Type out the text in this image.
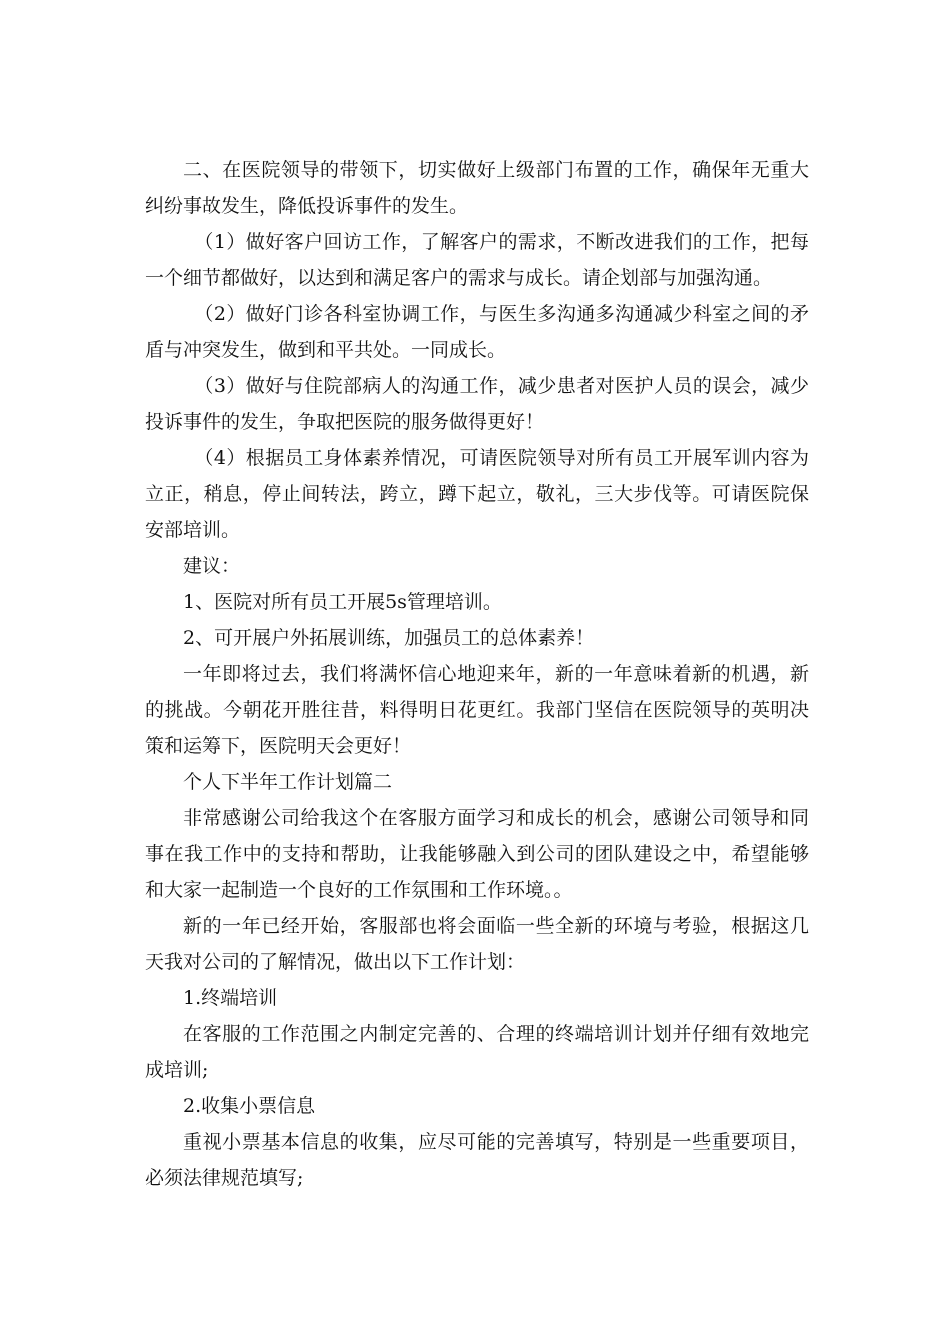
二、在医院领导的带领下，切实做好上级部门布置的工作，确保年无重大纠纷事故发生，降低投诉事件的发生。

（1）做好客户回访工作，了解客户的需求，不断改进我们的工作，把每一个细节都做好，以达到和满足客户的需求与成长。请企划部与加强沟通。

（2）做好门诊各科室协调工作，与医生多沟通多沟通减少科室之间的矛盾与冲突发生，做到和平共处。一同成长。

（3）做好与住院部病人的沟通工作，减少患者对医护人员的误会，减少投诉事件的发生，争取把医院的服务做得更好！

（4）根据员工身体素养情况，可请医院领导对所有员工开展军训内容为立正，稍息，停止间转法，跨立，蹲下起立，敬礼，三大步伐等。可请医院保安部培训。

建议：

1、医院对所有员工开展5s管理培训。

2、可开展户外拓展训练，加强员工的总体素养！

一年即将过去，我们将满怀信心地迎来年，新的一年意味着新的机遇，新的挑战。今朝花开胜往昔，料得明日花更红。我部门坚信在医院领导的英明决策和运筹下，医院明天会更好！

个人下半年工作计划篇二

非常感谢公司给我这个在客服方面学习和成长的机会，感谢公司领导和同事在我工作中的支持和帮助，让我能够融入到公司的团队建设之中，希望能够和大家一起制造一个良好的工作氛围和工作环境。。

新的一年已经开始，客服部也将会面临一些全新的环境与考验，根据这几天我对公司的了解情况，做出以下工作计划：

1.终端培训

在客服的工作范围之内制定完善的、合理的终端培训计划并仔细有效地完成培训;

2.收集小票信息

重视小票基本信息的收集，应尽可能的完善填写，特别是一些重要项目，必须法律规范填写;
